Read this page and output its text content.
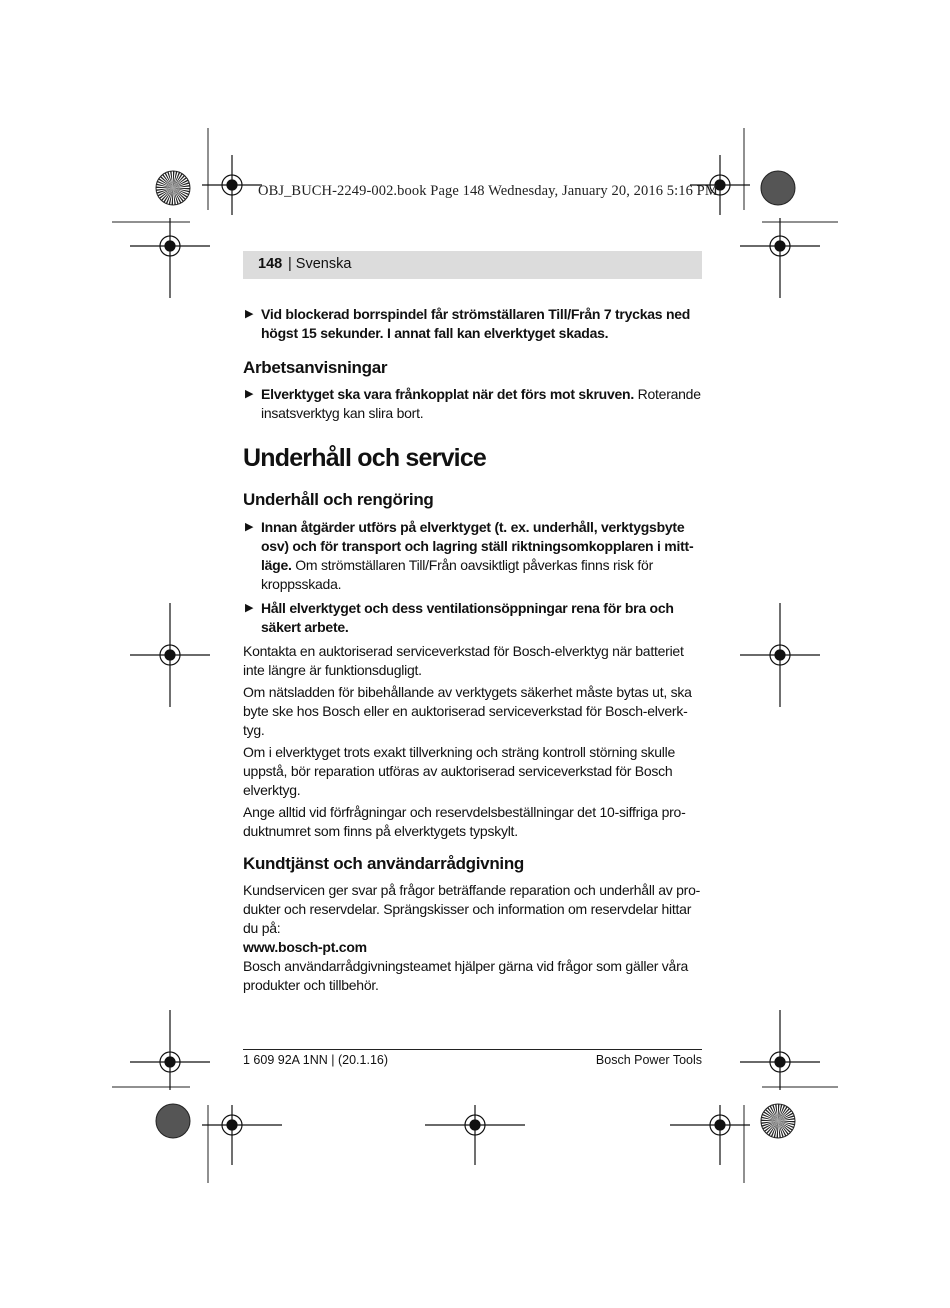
OBJ_BUCH-2249-002.book Page 148 Wednesday, January 20, 2016 5:16 PM
148 | Svenska
▶ Vid blockerad borrspindel får strömställaren Till/Från 7 tryckas ned högst 15 sekunder. I annat fall kan elverktyget skadas.
Arbetsanvisningar
▶ Elverktyget ska vara frånkopplat när det förs mot skruven. Roterande insatsverktyg kan slira bort.
Underhåll och service
Underhåll och rengöring
▶ Innan åtgärder utförs på elverktyget (t. ex. underhåll, verktygsbyte osv) och för transport och lagring ställ riktningsomkopplaren i mittläge. Om strömställaren Till/Från oavsiktligt påverkas finns risk för kroppsskada.
▶ Håll elverktyget och dess ventilationsöppningar rena för bra och säkert arbete.

Kontakta en auktoriserad serviceverkstad för Bosch-elverktyg när batteriet inte längre är funktionsdugligt.

Om nätsladden för bibehållande av verktygets säkerhet måste bytas ut, ska byte ske hos Bosch eller en auktoriserad serviceverkstad för Bosch-elverktyg.

Om i elverktyget trots exakt tillverkning och sträng kontroll störning skulle uppstå, bör reparation utföras av auktoriserad serviceverkstad för Bosch elverktyg.

Ange alltid vid förfrågningar och reservdelsbeställningar det 10-siffriga produktnumret som finns på elverktygets typskylt.

Kundtjänst och användarrådgivning

Kundservicen ger svar på frågor beträffande reparation och underhåll av produkter och reservdelar. Sprängskisser och information om reservdelar hittar du på:

www.bosch-pt.com

Bosch användarrådgivningsteamet hjälper gärna vid frågor som gäller våra produkter och tillbehör.

1 609 92A 1NN | (20.1.16)	Bosch Power Tools
